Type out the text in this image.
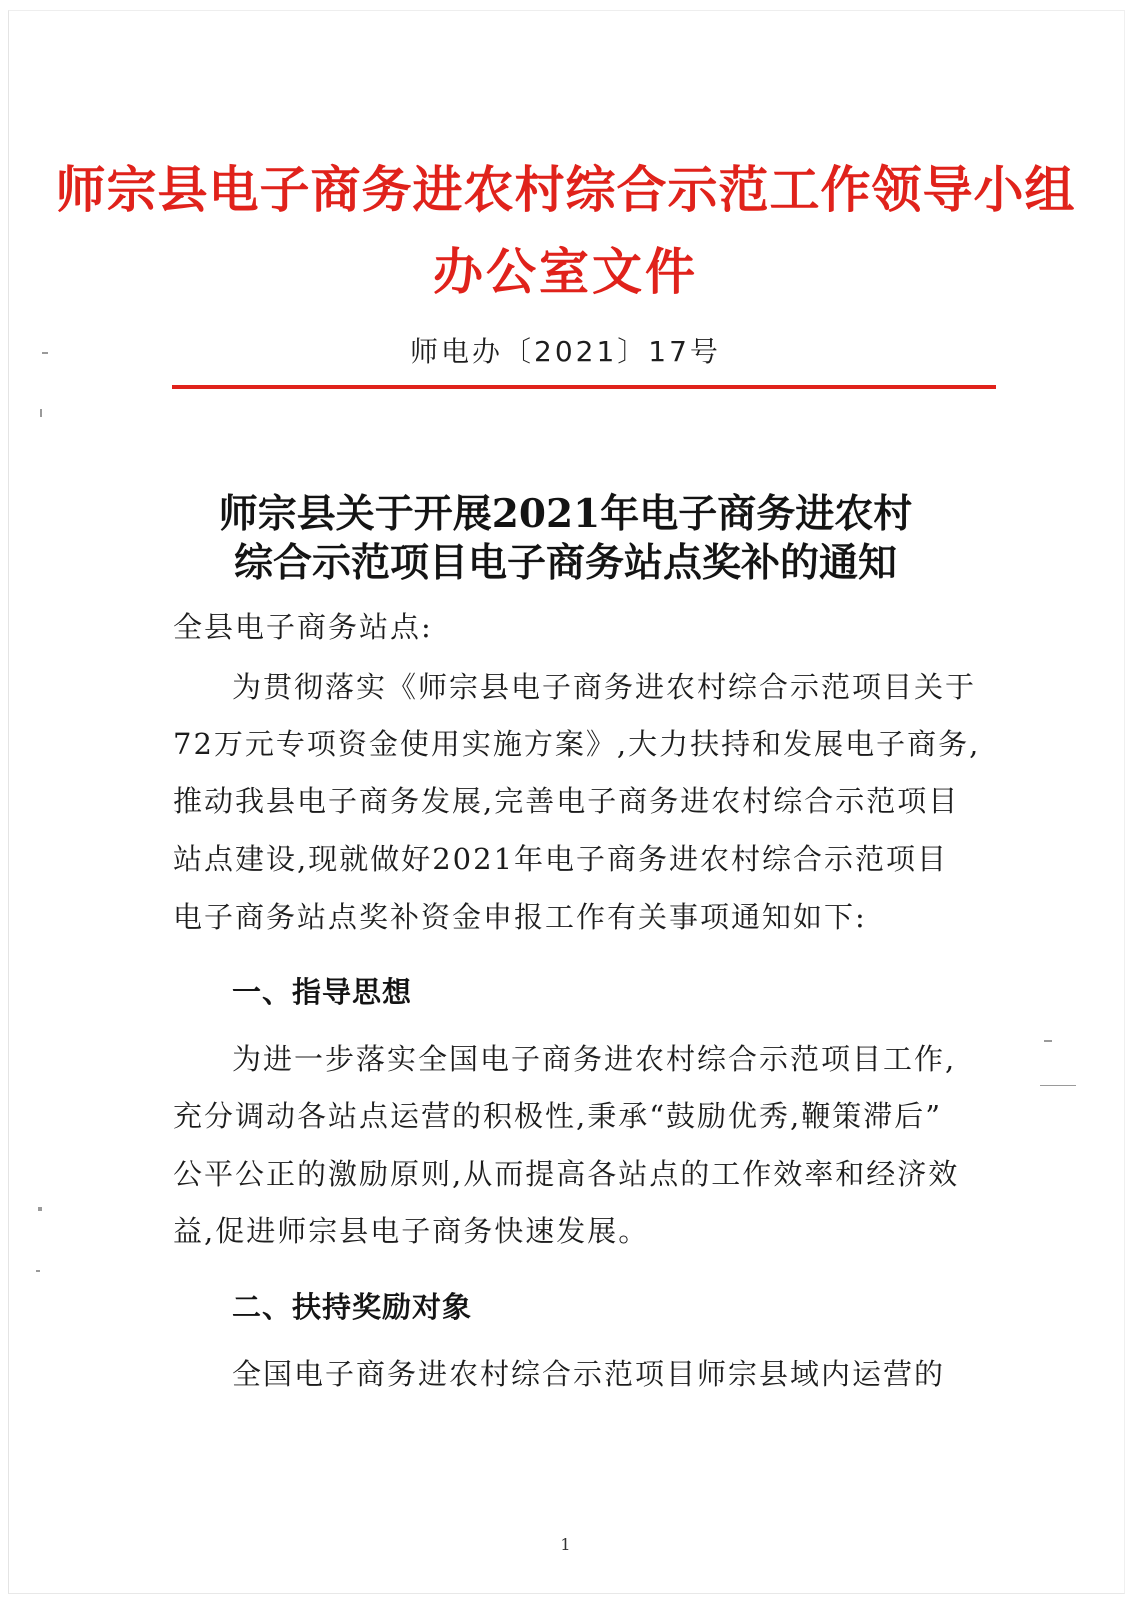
师宗县电子商务进农村综合示范工作领导小组
办公室文件
师电办〔2021〕17号
师宗县关于开展2021年电子商务进农村
综合示范项目电子商务站点奖补的通知
全县电子商务站点:
为贯彻落实《师宗县电子商务进农村综合示范项目关于
72万元专项资金使用实施方案》,大力扶持和发展电子商务,
推动我县电子商务发展,完善电子商务进农村综合示范项目
站点建设,现就做好2021年电子商务进农村综合示范项目
电子商务站点奖补资金申报工作有关事项通知如下:
一、指导思想
为进一步落实全国电子商务进农村综合示范项目工作,
充分调动各站点运营的积极性,秉承“鼓励优秀,鞭策滞后”
公平公正的激励原则,从而提高各站点的工作效率和经济效
益,促进师宗县电子商务快速发展。
二、扶持奖励对象
全国电子商务进农村综合示范项目师宗县域内运营的
1
